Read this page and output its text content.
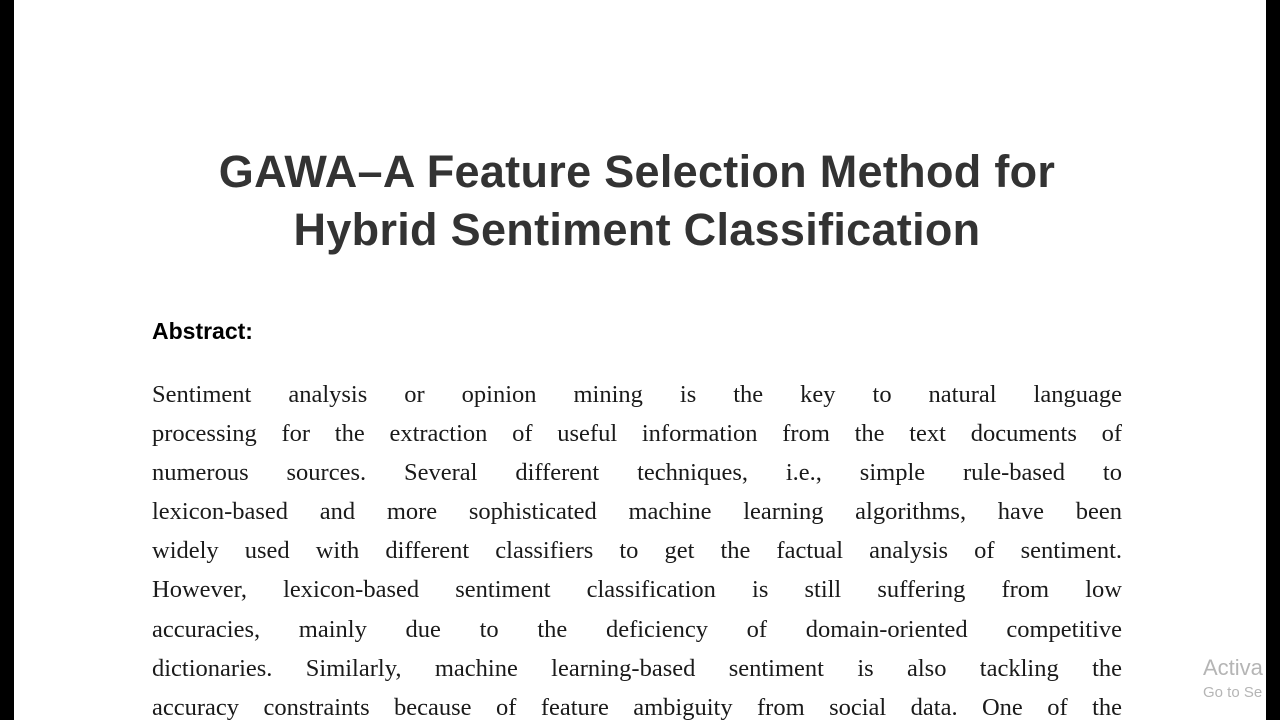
GAWA–A Feature Selection Method for
Hybrid Sentiment Classification
Abstract:
Sentiment analysis or opinion mining is the key to natural language
processing for the extraction of useful information from the text documents of
numerous sources. Several different techniques, i.e., simple rule-based to
lexicon-based and more sophisticated machine learning algorithms, have been
widely used with different classifiers to get the factual analysis of sentiment.
However, lexicon-based sentiment classification is still suffering from low
accuracies, mainly due to the deficiency of domain-oriented competitive
dictionaries. Similarly, machine learning-based sentiment is also tackling the
accuracy constraints because of feature ambiguity from social data. One of the
Activa
Go to Se
